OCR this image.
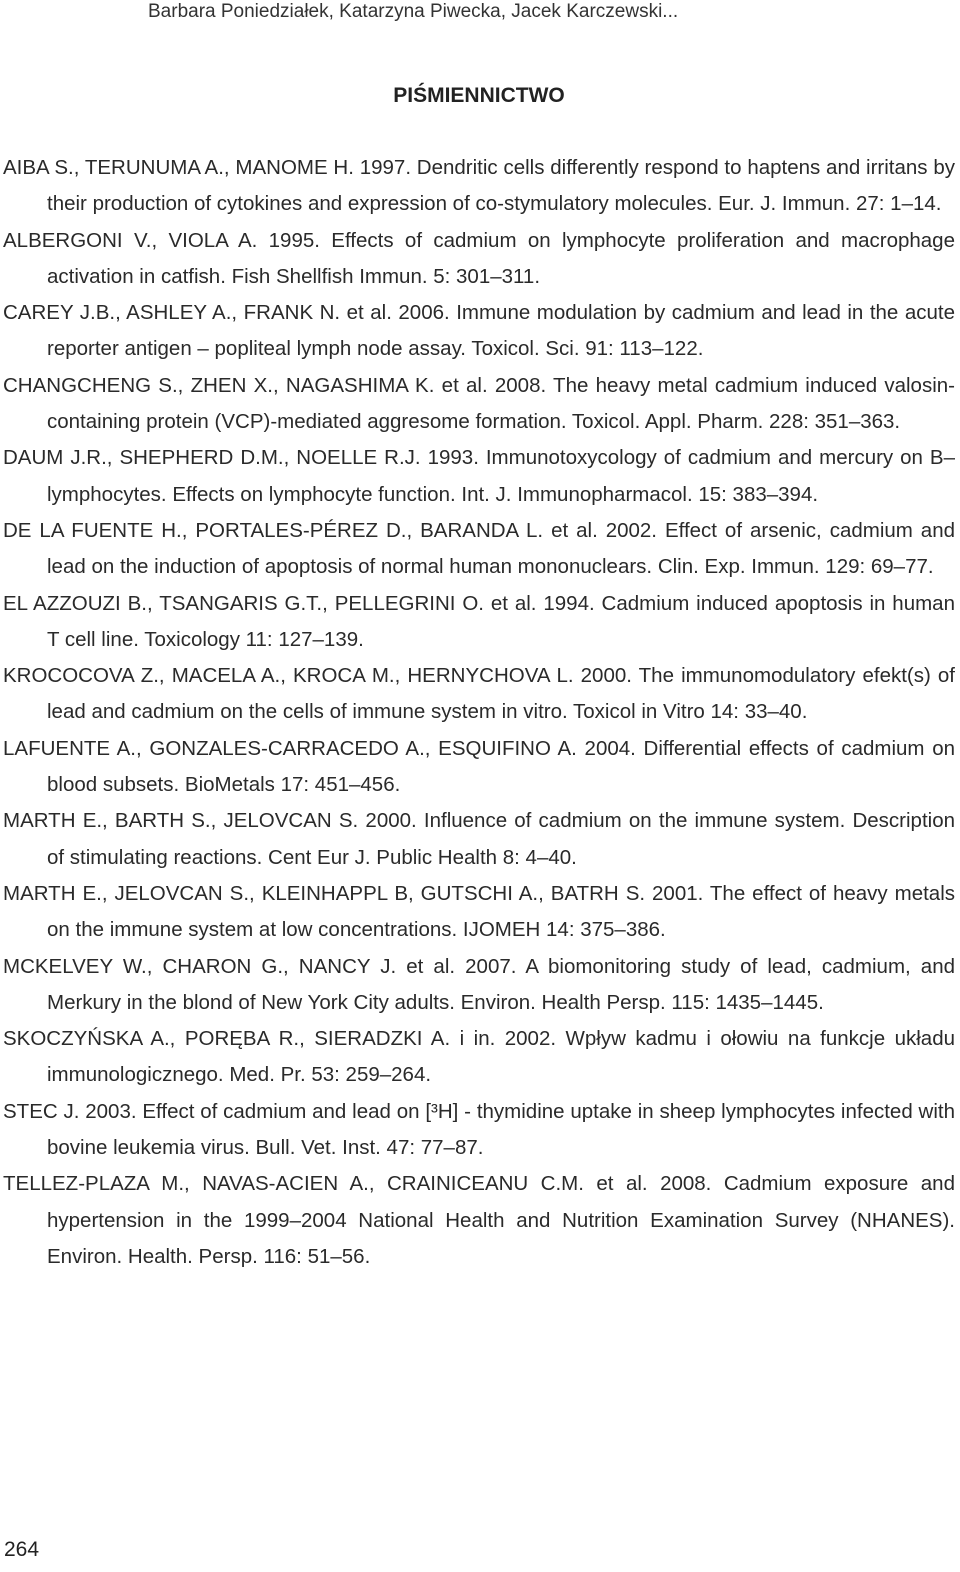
Barbara Poniedziałek, Katarzyna Piwecka, Jacek Karczewski...
PIŚMIENNICTWO
AIBA S., TERUNUMA A., MANOME H. 1997. Dendritic cells differently respond to haptens and irritans by their production of cytokines and expression of co-stymulatory molecules. Eur. J. Immun. 27: 1–14.
ALBERGONI V., VIOLA A. 1995. Effects of cadmium on lymphocyte proliferation and macrophage activation in catfish. Fish Shellfish Immun. 5: 301–311.
CAREY J.B., ASHLEY A., FRANK N. et al. 2006. Immune modulation by cadmium and lead in the acute reporter antigen – popliteal lymph node assay. Toxicol. Sci. 91: 113–122.
CHANGCHENG S., ZHEN X., NAGASHIMA K. et al. 2008. The heavy metal cadmium induced valosin-containing protein (VCP)-mediated aggresome formation. Toxicol. Appl. Pharm. 228: 351–363.
DAUM J.R., SHEPHERD D.M., NOELLE R.J. 1993. Immunotoxycology of cadmium and mercury on B–lymphocytes. Effects on lymphocyte function. Int. J. Immunopharmacol. 15: 383–394.
DE LA FUENTE H., PORTALES-PÉREZ D., BARANDA L. et al. 2002. Effect of arsenic, cadmium and lead on the induction of apoptosis of normal human mononuclears. Clin. Exp. Immun. 129: 69–77.
EL AZZOUZI B., TSANGARIS G.T., PELLEGRINI O. et al. 1994. Cadmium induced apoptosis in human T cell line. Toxicology 11: 127–139.
KROCOCOVA Z., MACELA A., KROCA M., HERNYCHOVA L. 2000. The immunomodulatory efekt(s) of lead and cadmium on the cells of immune system in vitro. Toxicol in Vitro 14: 33–40.
LAFUENTE A., GONZALES-CARRACEDO A., ESQUIFINO A. 2004. Differential effects of cadmium on blood subsets. BioMetals 17: 451–456.
MARTH E., BARTH S., JELOVCAN S. 2000. Influence of cadmium on the immune system. Description of stimulating reactions. Cent Eur J. Public Health 8: 4–40.
MARTH E., JELOVCAN S., KLEINHAPPL B, GUTSCHI A., BATRH S. 2001. The effect of heavy metals on the immune system at low concentrations. IJOMEH 14: 375–386.
MCKELVEY W., CHARON G., NANCY J. et al. 2007. A biomonitoring study of lead, cadmium, and Merkury in the blond of New York City adults. Environ. Health Persp. 115: 1435–1445.
SKOCZYŃSKA A., PORĘBA R., SIERADZKI A. i in. 2002. Wpływ kadmu i ołowiu na funkcje układu immunologicznego. Med. Pr. 53: 259–264.
STEC J. 2003. Effect of cadmium and lead on [³H] - thymidine uptake in sheep lymphocytes infected with bovine leukemia virus. Bull. Vet. Inst. 47: 77–87.
TELLEZ-PLAZA M., NAVAS-ACIEN A., CRAINICEANU C.M. et al. 2008. Cadmium exposure and hypertension in the 1999–2004 National Health and Nutrition Examination Survey (NHANES). Environ. Health. Persp. 116: 51–56.
264
